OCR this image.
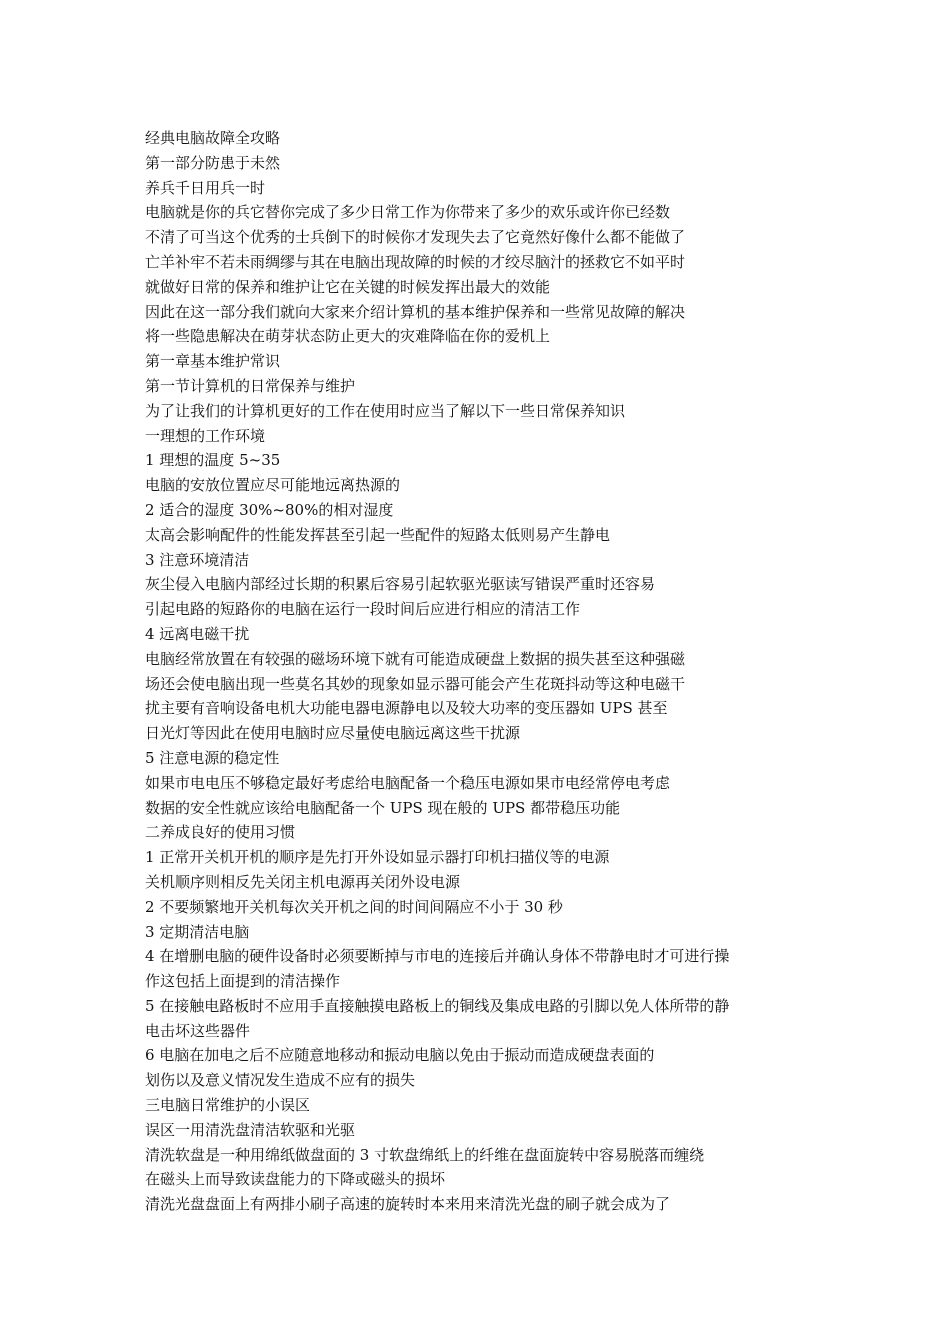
经典电脑故障全攻略

第一部分防患于未然

养兵千日用兵一时

电脑就是你的兵它替你完成了多少日常工作为你带来了多少的欢乐或许你已经数

不清了可当这个优秀的士兵倒下的时候你才发现失去了它竟然好像什么都不能做了

亡羊补牢不若未雨绸缪与其在电脑出现故障的时候的才绞尽脑汁的拯救它不如平时

就做好日常的保养和维护让它在关键的时候发挥出最大的效能

因此在这一部分我们就向大家来介绍计算机的基本维护保养和一些常见故障的解决

将一些隐患解决在萌芽状态防止更大的灾难降临在你的爱机上

第一章基本维护常识

第一节计算机的日常保养与维护

为了让我们的计算机更好的工作在使用时应当了解以下一些日常保养知识

一理想的工作环境

1 理想的温度 5~35

电脑的安放位置应尽可能地远离热源的

2 适合的湿度 30%~80%的相对湿度

太高会影响配件的性能发挥甚至引起一些配件的短路太低则易产生静电

3 注意环境清洁

灰尘侵入电脑内部经过长期的积累后容易引起软驱光驱读写错误严重时还容易

引起电路的短路你的电脑在运行一段时间后应进行相应的清洁工作

4 远离电磁干扰

电脑经常放置在有较强的磁场环境下就有可能造成硬盘上数据的损失甚至这种强磁

场还会使电脑出现一些莫名其妙的现象如显示器可能会产生花斑抖动等这种电磁干

扰主要有音响设备电机大功能电器电源静电以及较大功率的变压器如 UPS 甚至

日光灯等因此在使用电脑时应尽量使电脑远离这些干扰源

5 注意电源的稳定性

如果市电电压不够稳定最好考虑给电脑配备一个稳压电源如果市电经常停电考虑

数据的安全性就应该给电脑配备一个 UPS 现在般的 UPS 都带稳压功能

二养成良好的使用习惯

1 正常开关机开机的顺序是先打开外设如显示器打印机扫描仪等的电源

关机顺序则相反先关闭主机电源再关闭外设电源

2 不要频繁地开关机每次关开机之间的时间间隔应不小于 30 秒

3 定期清洁电脑

4 在增删电脑的硬件设备时必须要断掉与市电的连接后并确认身体不带静电时才可进行操

作这包括上面提到的清洁操作

5 在接触电路板时不应用手直接触摸电路板上的铜线及集成电路的引脚以免人体所带的静

电击坏这些器件

6 电脑在加电之后不应随意地移动和振动电脑以免由于振动而造成硬盘表面的

划伤以及意义情况发生造成不应有的损失

三电脑日常维护的小误区

误区一用清洗盘清洁软驱和光驱

清洗软盘是一种用绵纸做盘面的 3 寸软盘绵纸上的纤维在盘面旋转中容易脱落而缠绕

在磁头上而导致读盘能力的下降或磁头的损坏

清洗光盘盘面上有两排小刷子高速的旋转时本来用来清洗光盘的刷子就会成为了
